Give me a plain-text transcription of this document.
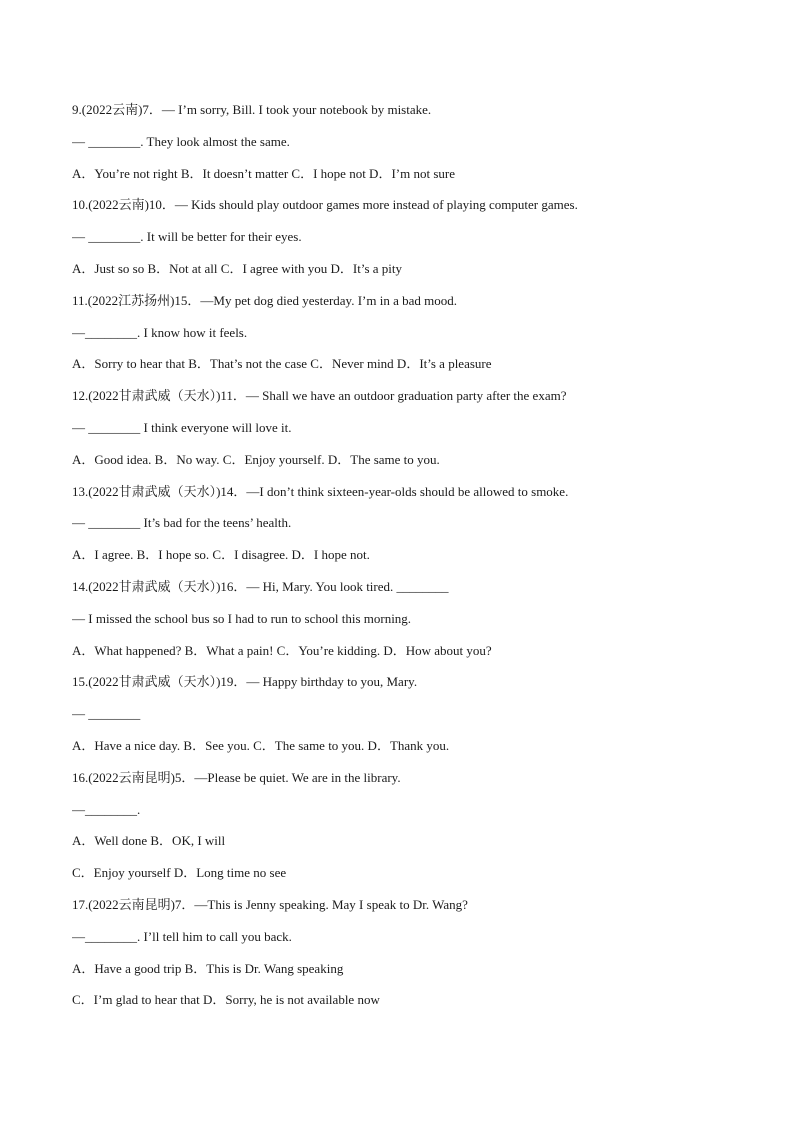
9.(2022云南)7．— I’m sorry, Bill. I took your notebook by mistake.
— ________. They look almost the same.
A．You’re not right B．It doesn’t matter C．I hope not D．I’m not sure
10.(2022云南)10．— Kids should play outdoor games more instead of playing computer games.
— ________. It will be better for their eyes.
A．Just so so B．Not at all C．I agree with you D．It’s a pity
11.(2022江苏扬州)15．—My pet dog died yesterday. I’m in a bad mood.
—________. I know how it feels.
A．Sorry to hear that B．That’s not the case C．Never mind D．It’s a pleasure
12.(2022甘肃武威（天水）)11．— Shall we have an outdoor graduation party after the exam?
— ________ I think everyone will love it.
A．Good idea. B．No way. C．Enjoy yourself. D．The same to you.
13.(2022甘肃武威（天水）)14．—I don’t think sixteen-year-olds should be allowed to smoke.
— ________ It’s bad for the teens’ health.
A．I agree. B．I hope so. C．I disagree. D．I hope not.
14.(2022甘肃武威（天水）)16．— Hi, Mary. You look tired. ________
— I missed the school bus so I had to run to school this morning.
A．What happened? B．What a pain! C．You’re kidding. D．How about you?
15.(2022甘肃武威（天水）)19．— Happy birthday to you, Mary.
— ________
A．Have a nice day. B．See you. C．The same to you. D．Thank you.
16.(2022云南昆明)5．—Please be quiet. We are in the library.
—________.
A．Well done B．OK, I will
C．Enjoy yourself D．Long time no see
17.(2022云南昆明)7．—This is Jenny speaking. May I speak to Dr. Wang?
—________. I’ll tell him to call you back.
A．Have a good trip B．This is Dr. Wang speaking
C．I’m glad to hear that D．Sorry, he is not available now
